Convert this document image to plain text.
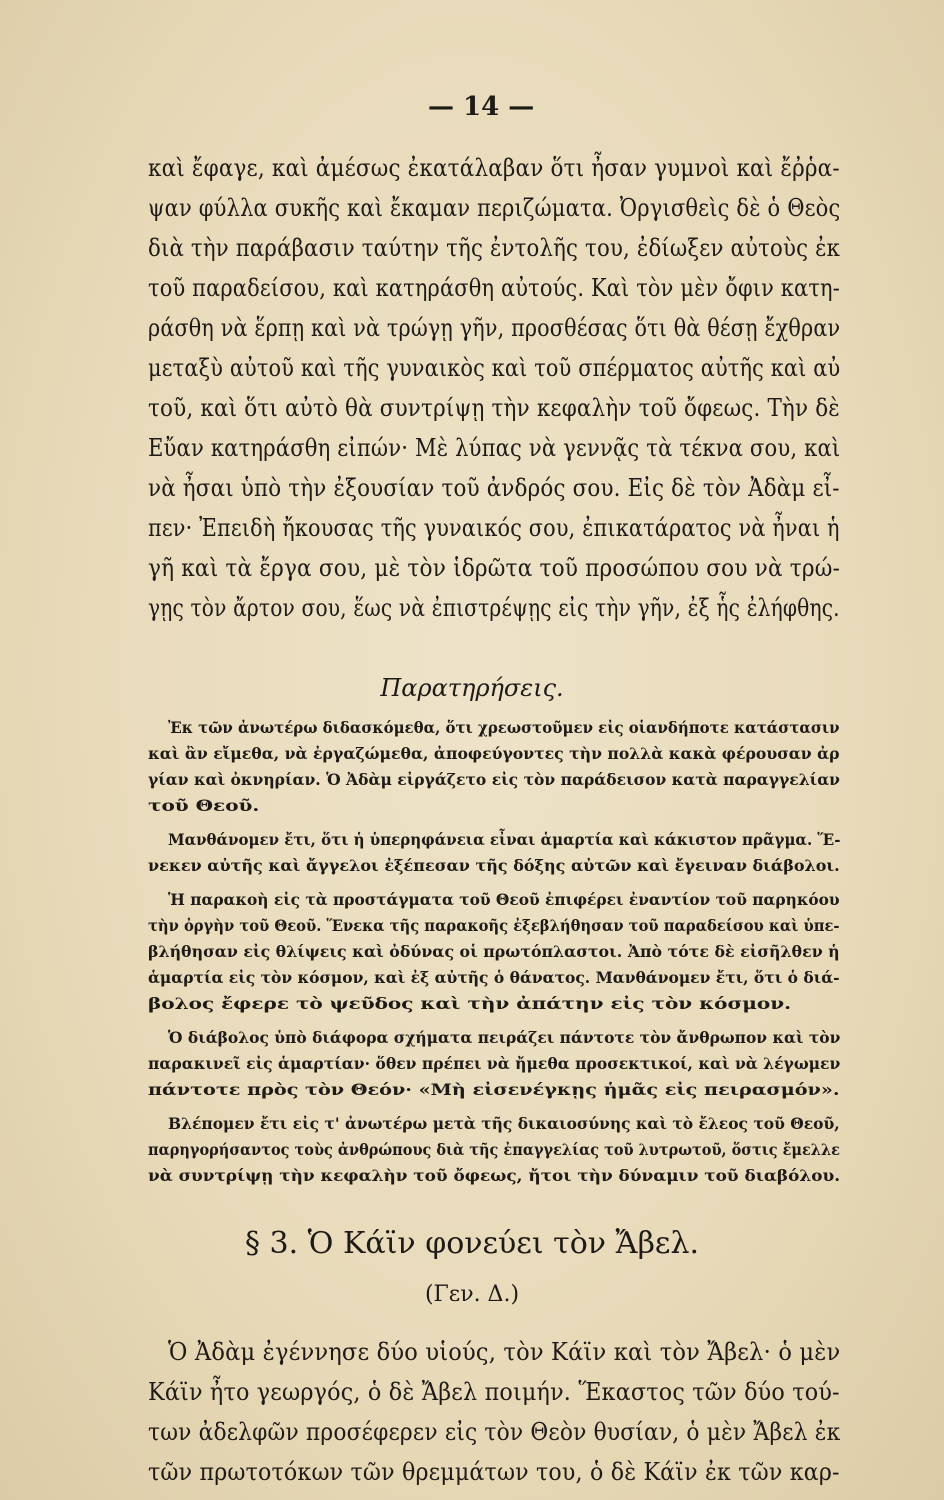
— 14 —
καὶ ἔφαγε, καὶ ἀμέσως ἐκατάλαβαν ὅτι ἦσαν γυμνοὶ καὶ ἔῤῥα-
ψαν φύλλα συκῆς καὶ ἔκαμαν περιζώματα. Ὀργισθεὶς δὲ ὁ Θεὸς
διὰ τὴν παράβασιν ταύτην τῆς ἐντολῆς του, ἐδίωξεν αὐτοὺς ἐκ
τοῦ παραδείσου, καὶ κατηράσθη αὐτούς. Καὶ τὸν μὲν ὄφιν κατη-
ράσθη νὰ ἕρπῃ καὶ νὰ τρώγῃ γῆν, προσθέσας ὅτι θὰ θέσῃ ἔχθραν
μεταξὺ αὐτοῦ καὶ τῆς γυναικὸς καὶ τοῦ σπέρματος αὐτῆς καὶ αὐ
τοῦ, καὶ ὅτι αὐτὸ θὰ συντρίψῃ τὴν κεφαλὴν τοῦ ὄφεως. Τὴν δὲ
Εὔαν κατηράσθη εἰπών· Μὲ λύπας νὰ γεννᾷς τὰ τέκνα σου, καὶ
νὰ ἦσαι ὑπὸ τὴν ἐξουσίαν τοῦ ἀνδρός σου. Εἰς δὲ τὸν Ἀδὰμ εἶ-
πεν· Ἐπειδὴ ἤκουσας τῆς γυναικός σου, ἐπικατάρατος νὰ ἦναι ἡ
γῆ καὶ τὰ ἔργα σου, μὲ τὸν ἱδρῶτα τοῦ προσώπου σου νὰ τρώ-
γῃς τὸν ἄρτον σου, ἕως νὰ ἐπιστρέψῃς εἰς τὴν γῆν, ἐξ ἧς ἐλήφθης.
Παρατηρήσεις.
Ἐκ τῶν ἀνωτέρω διδασκόμεθα, ὅτι χρεωστοῦμεν εἰς οἱανδήποτε κατάστασιν
καὶ ἂν εἴμεθα, νὰ ἐργαζώμεθα, ἀποφεύγοντες τὴν πολλὰ κακὰ φέρουσαν ἀρ
γίαν καὶ ὀκνηρίαν. Ὁ Ἀδὰμ εἰργάζετο εἰς τὸν παράδεισον κατὰ παραγγελίαν
τοῦ Θεοῦ.
Μανθάνομεν ἔτι, ὅτι ἡ ὑπερηφάνεια εἶναι ἁμαρτία καὶ κάκιστον πρᾶγμα. Ἕ-
νεκεν αὐτῆς καὶ ἄγγελοι ἐξέπεσαν τῆς δόξης αὐτῶν καὶ ἔγειναν διάβολοι.
Ἡ παρακοὴ εἰς τὰ προστάγματα τοῦ Θεοῦ ἐπιφέρει ἐναντίον τοῦ παρηκόου
τὴν ὀργὴν τοῦ Θεοῦ. Ἕνεκα τῆς παρακοῆς ἐξεβλήθησαν τοῦ παραδείσου καὶ ὑπε-
βλήθησαν εἰς θλίψεις καὶ ὀδύνας οἱ πρωτόπλαστοι. Ἀπὸ τότε δὲ εἰσῆλθεν ἡ
ἁμαρτία εἰς τὸν κόσμον, καὶ ἐξ αὐτῆς ὁ θάνατος. Μανθάνομεν ἔτι, ὅτι ὁ διά-
βολος ἔφερε τὸ ψεῦδος καὶ τὴν ἀπάτην εἰς τὸν κόσμον.
Ὁ διάβολος ὑπὸ διάφορα σχήματα πειράζει πάντοτε τὸν ἄνθρωπον καὶ τὸν
παρακινεῖ εἰς ἁμαρτίαν· ὅθεν πρέπει νὰ ἤμεθα προσεκτικοί, καὶ νὰ λέγωμεν
πάντοτε πρὸς τὸν Θεόν· «Μὴ εἰσενέγκῃς ἡμᾶς εἰς πειρασμόν».
Βλέπομεν ἔτι εἰς τ' ἀνωτέρω μετὰ τῆς δικαιοσύνης καὶ τὸ ἔλεος τοῦ Θεοῦ,
παρηγορήσαντος τοὺς ἀνθρώπους διὰ τῆς ἐπαγγελίας τοῦ λυτρωτοῦ, ὅστις ἔμελλε
νὰ συντρίψῃ τὴν κεφαλὴν τοῦ ὄφεως, ἤτοι τὴν δύναμιν τοῦ διαβόλου.
§ 3. Ὁ Κάϊν φονεύει τὸν Ἄβελ.
(Γεν. Δ.)
Ὁ Ἀδὰμ ἐγέννησε δύο υἱούς, τὸν Κάϊν καὶ τὸν Ἄβελ· ὁ μὲν
Κάϊν ἦτο γεωργός, ὁ δὲ Ἄβελ ποιμήν. Ἕκαστος τῶν δύο τού-
των ἀδελφῶν προσέφερεν εἰς τὸν Θεὸν θυσίαν, ὁ μὲν Ἄβελ ἐκ
τῶν πρωτοτόκων τῶν θρεμμάτων του, ὁ δὲ Κάϊν ἐκ τῶν καρ-
